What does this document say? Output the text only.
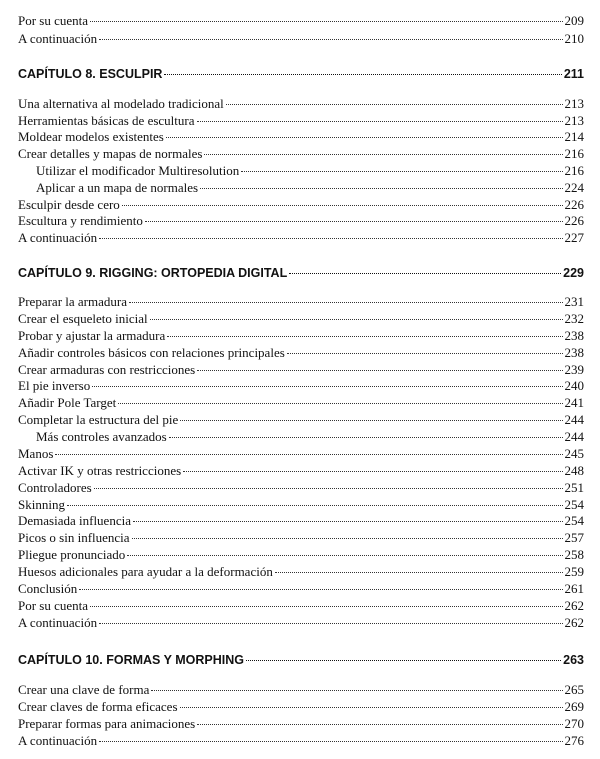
Por su cuenta	209
A continuación	210
CAPÍTULO 8. ESCULPIR	211
Una alternativa al modelado tradicional	213
Herramientas básicas de escultura	213
Moldear modelos existentes	214
Crear detalles y mapas de normales	216
Utilizar el modificador Multiresolution	216
Aplicar a un mapa de normales	224
Esculpir desde cero	226
Escultura y rendimiento	226
A continuación	227
CAPÍTULO 9. RIGGING: ORTOPEDIA DIGITAL	229
Preparar la armadura	231
Crear el esqueleto inicial	232
Probar y ajustar la armadura	238
Añadir controles básicos con relaciones principales	238
Crear armaduras con restricciones	239
El pie inverso	240
Añadir Pole Target	241
Completar la estructura del pie	244
Más controles avanzados	244
Manos	245
Activar IK y otras restricciones	248
Controladores	251
Skinning	254
Demasiada influencia	254
Picos o sin influencia	257
Pliegue pronunciado	258
Huesos adicionales para ayudar a la deformación	259
Conclusión	261
Por su cuenta	262
A continuación	262
CAPÍTULO 10. FORMAS Y MORPHING	263
Crear una clave de forma	265
Crear claves de forma eficaces	269
Preparar formas para animaciones	270
A continuación	276
